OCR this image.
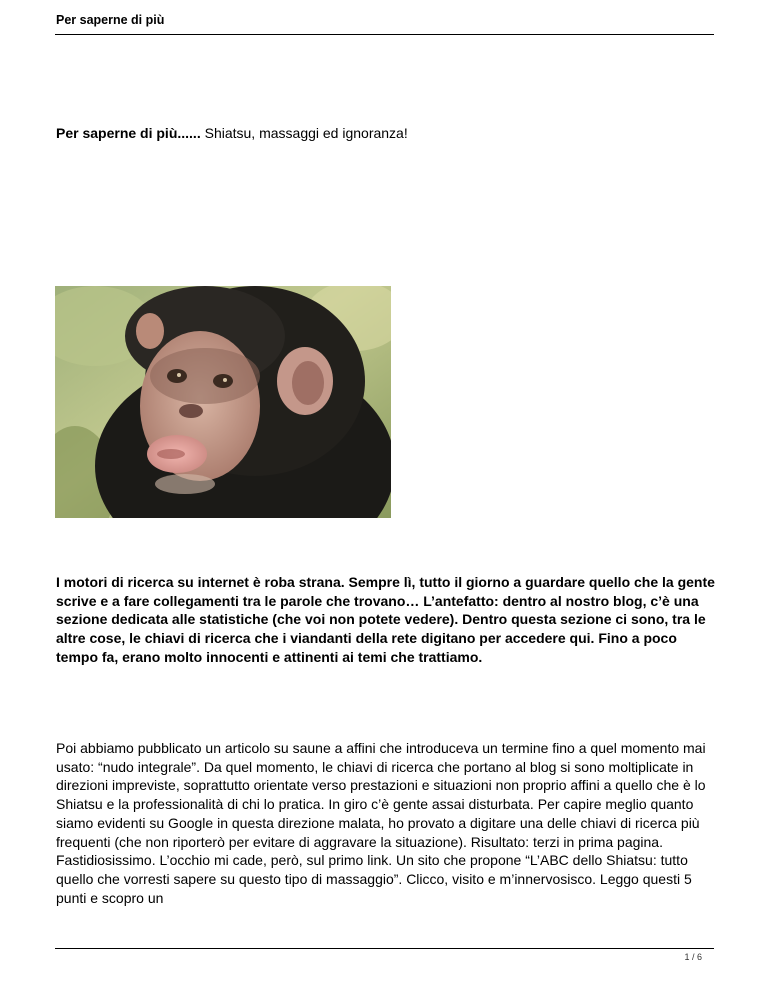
Per saperne di più
Per saperne di più...... Shiatsu, massaggi ed ignoranza!

I motori di ricerca su internet è roba strana. Sempre lì, tutto il giorno a guardare quello che la gente scrive e a fare collegamenti tra le parole che trovano… L’antefatto: dentro al nostro blog, c’è una sezione dedicata alle statistiche (che voi non potete vedere). Dentro questa sezione ci sono, tra le altre cose, le chiavi di ricerca che i viandanti della rete digitano per accedere qui. Fino a poco tempo fa, erano molto innocenti e attinenti ai temi che trattiamo.

Poi abbiamo pubblicato un articolo su saune a affini che introduceva un termine fino a quel momento mai usato: “nudo integrale”. Da quel momento, le chiavi di ricerca che portano al blog si sono moltiplicate in direzioni impreviste, soprattutto orientate verso prestazioni e situazioni non proprio affini a quello che è lo Shiatsu e la professionalità di chi lo pratica. In giro c’è gente assai disturbata. Per capire meglio quanto siamo evidenti su Google in questa direzione malata, ho provato a digitare una delle chiavi di ricerca più frequenti (che non riporterò per evitare di aggravare la situazione). Risultato: terzi in prima pagina. Fastidiosissimo. L’occhio mi cade, però, sul primo link. Un sito che propone “L’ABC dello Shiatsu: tutto quello che vorresti sapere su questo tipo di massaggio”. Clicco, visito e m’innervosisco. Leggo questi 5 punti e scopro un

1 / 6
